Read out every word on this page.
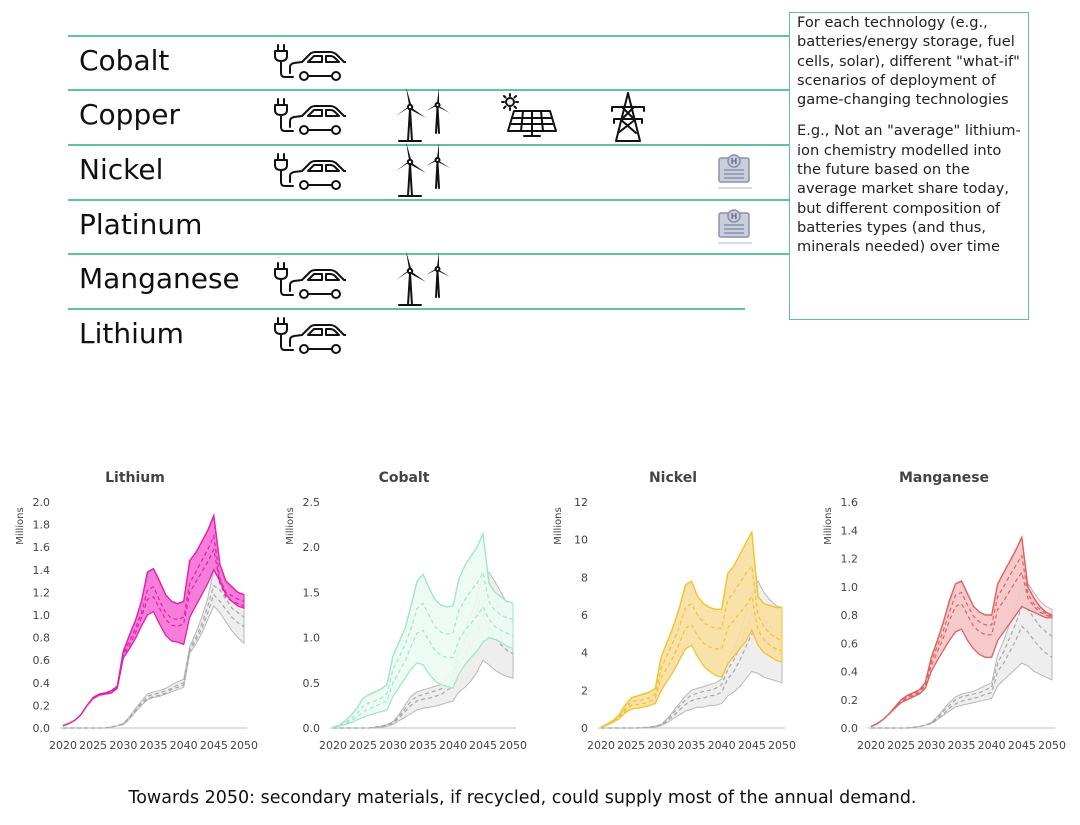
Cobalt
Copper
Nickel	H
Platinum	H
Manganese
Lithium

For each technology (e.g., batteries/energy storage, fuel cells, solar), different "what-if" scenarios of deployment of game-changing technologies

E.g., Not an "average" lithium-ion chemistry modelled into the future based on the average market share today, but different composition of batteries types (and thus, minerals needed) over time

Lithium
Millions
0.0
0.2
0.4
0.6
0.8
1.0
1.2
1.4
1.6
1.8
2.0
2020 2025 2030 2035 2040 2045 2050
Cobalt
Millions
0.0
0.5
1.0
1.5
2.0
2.5
2020 2025 2030 2035 2040 2045 2050
Nickel
Millions
0
2
4
6
8
10
12
2020 2025 2030 2035 2040 2045 2050
Manganese
Millions
0.0
0.2
0.4
0.6
0.8
1.0
1.2
1.4
1.6
2020 2025 2030 2035 2040 2045 2050
Towards 2050: secondary materials, if recycled, could supply most of the annual demand.
